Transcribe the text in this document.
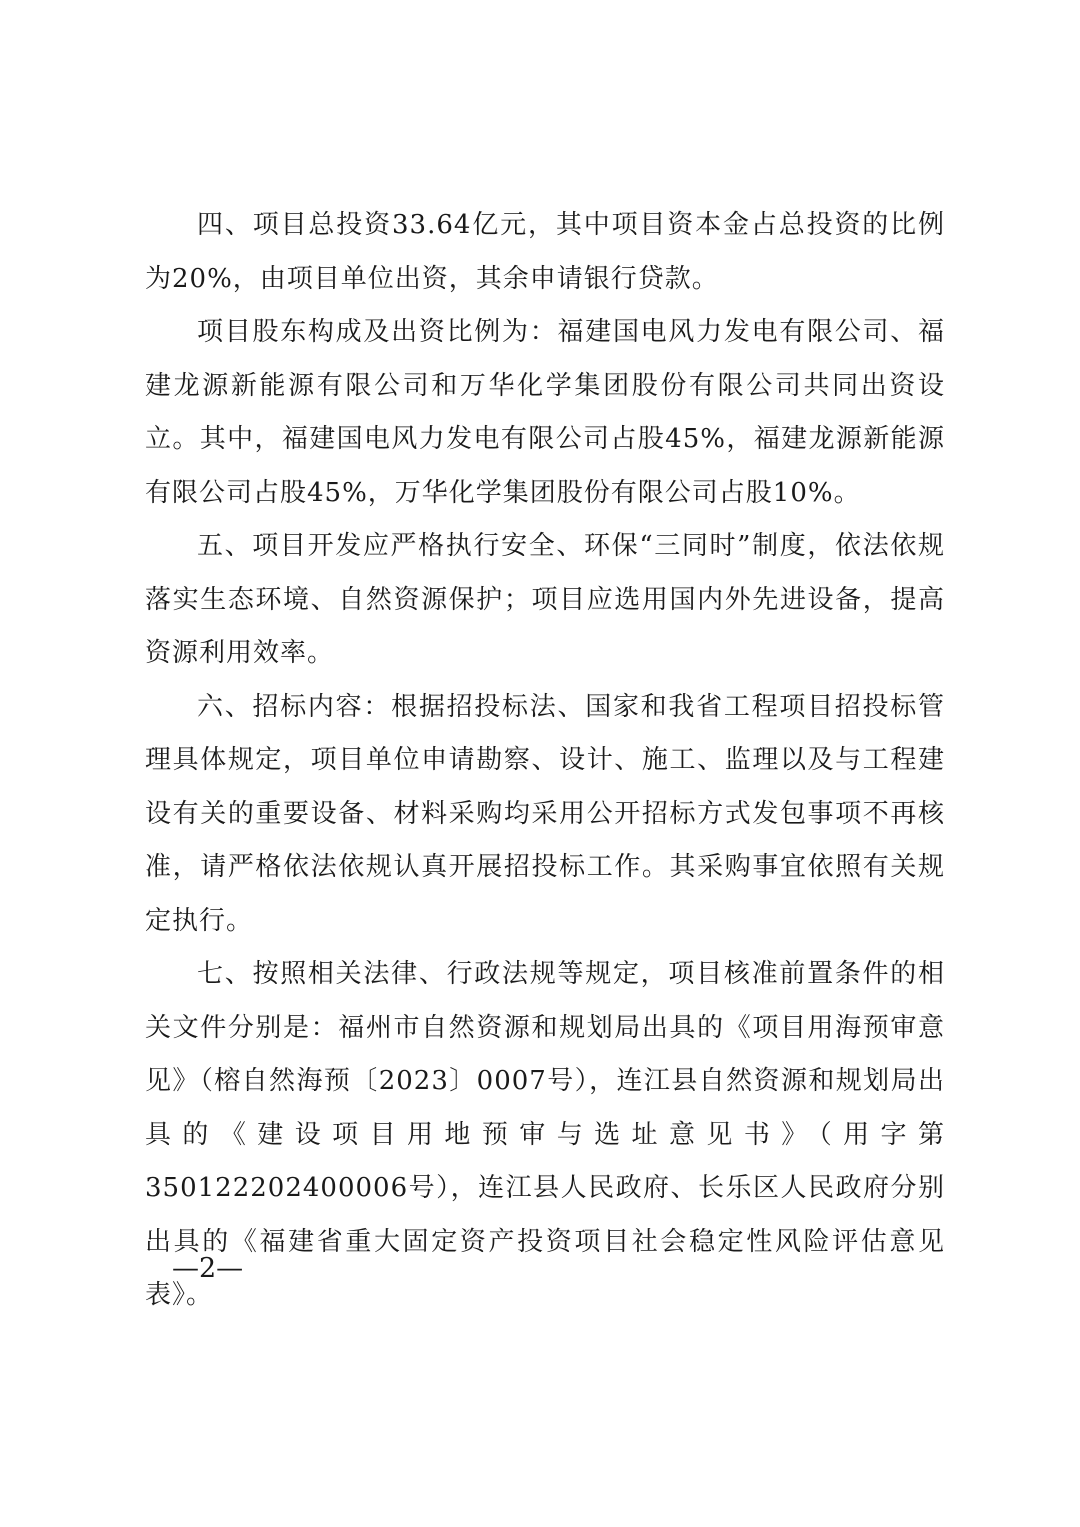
四、项目总投资33.64亿元，其中项目资本金占总投资的比例为20%，由项目单位出资，其余申请银行贷款。

项目股东构成及出资比例为：福建国电风力发电有限公司、福建龙源新能源有限公司和万华化学集团股份有限公司共同出资设立。其中，福建国电风力发电有限公司占股45%，福建龙源新能源有限公司占股45%，万华化学集团股份有限公司占股10%。

五、项目开发应严格执行安全、环保“三同时”制度，依法依规落实生态环境、自然资源保护；项目应选用国内外先进设备，提高资源利用效率。

六、招标内容：根据招投标法、国家和我省工程项目招投标管理具体规定，项目单位申请勘察、设计、施工、监理以及与工程建设有关的重要设备、材料采购均采用公开招标方式发包事项不再核准，请严格依法依规认真开展招投标工作。其采购事宜依照有关规定执行。

七、按照相关法律、行政法规等规定，项目核准前置条件的相关文件分别是：福州市自然资源和规划局出具的《项目用海预审意见》（榕自然海预〔2023〕0007号），连江县自然资源和规划局出具的《建设项目用地预审与选址意见书》（用字第350122202400006号），连江县人民政府、长乐区人民政府分别出具的《福建省重大固定资产投资项目社会稳定性风险评估意见表》。

—2—
